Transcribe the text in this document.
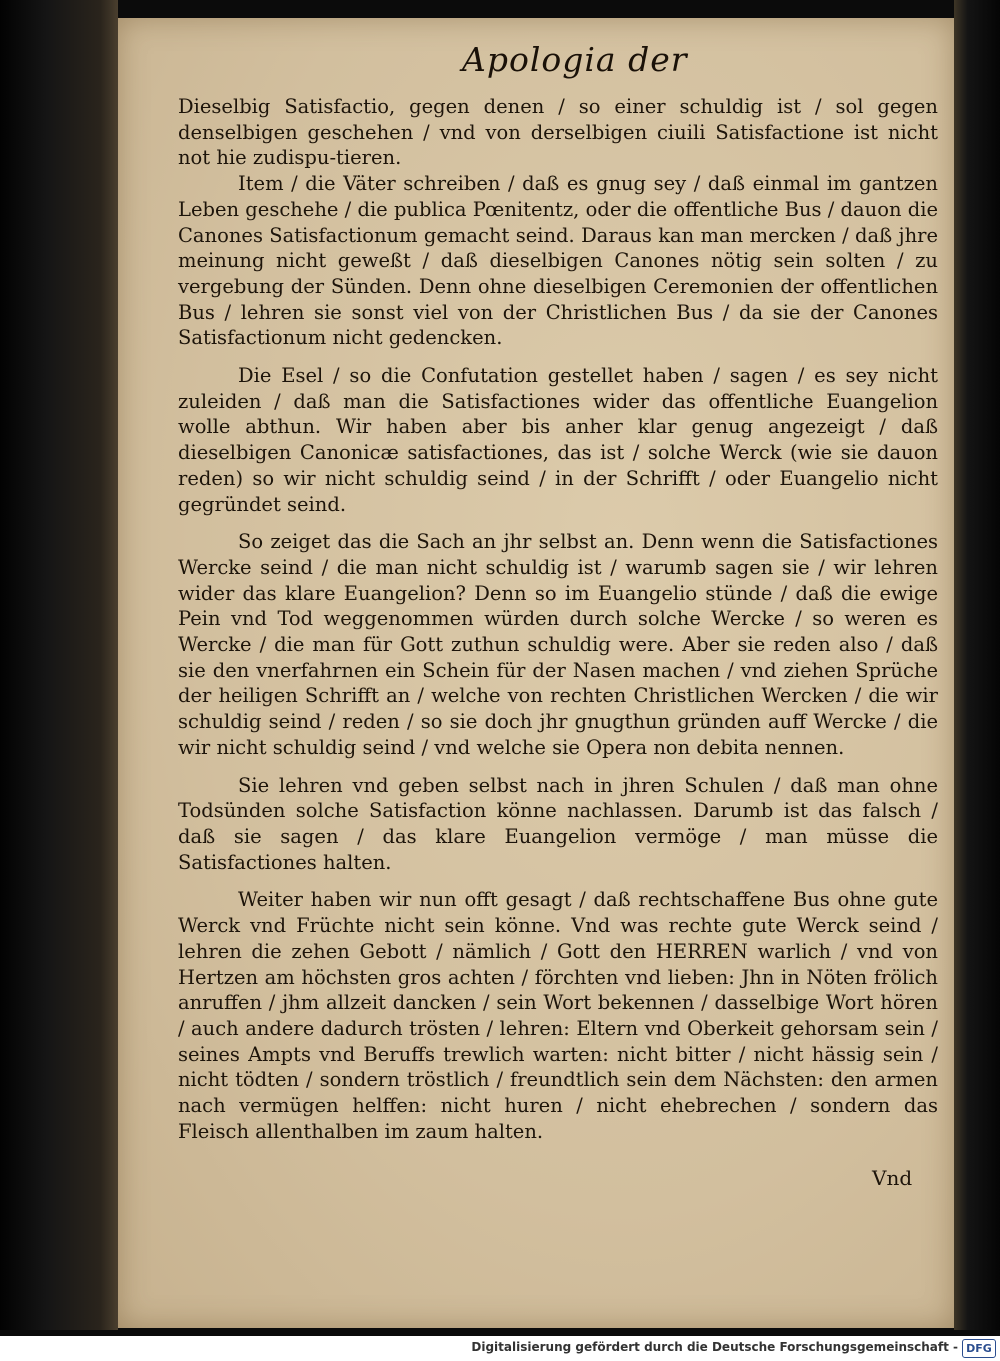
Apologia der

Dieselbig Satisfactio, gegen denen / so einer schuldig ist / sol gegen denselbigen geschehen / vnd von derselbigen ciuili Satisfactione ist nicht not hie zudispu-tieren.

Item / die Väter schreiben / daß es gnug sey / daß einmal im gantzen Leben geschehe / die publica Pœnitentz, oder die offentliche Bus / dauon die Canones Satisfactionum gemacht seind. Daraus kan man mercken / daß jhre meinung nicht geweßt / daß dieselbigen Canones nötig sein solten / zu vergebung der Sünden. Denn ohne dieselbigen Ceremonien der offentlichen Bus / lehren sie sonst viel von der Christlichen Bus / da sie der Canones Satisfactionum nicht gedencken.

Die Esel / so die Confutation gestellet haben / sagen / es sey nicht zuleiden / daß man die Satisfactiones wider das offentliche Euangelion wolle abthun. Wir haben aber bis anher klar genug angezeigt / daß dieselbigen Canonicæ satisfactiones, das ist / solche Werck (wie sie dauon reden) so wir nicht schuldig seind / in der Schrifft / oder Euangelio nicht gegründet seind.

So zeiget das die Sach an jhr selbst an. Denn wenn die Satisfactiones Wercke seind / die man nicht schuldig ist / warumb sagen sie / wir lehren wider das klare Euangelion? Denn so im Euangelio stünde / daß die ewige Pein vnd Tod weggenommen würden durch solche Wercke / so weren es Wercke / die man für Gott zuthun schuldig were. Aber sie reden also / daß sie den vnerfahrnen ein Schein für der Nasen machen / vnd ziehen Sprüche der heiligen Schrifft an / welche von rechten Christlichen Wercken / die wir schuldig seind / reden / so sie doch jhr gnugthun gründen auff Wercke / die wir nicht schuldig seind / vnd welche sie Opera non debita nennen.

Sie lehren vnd geben selbst nach in jhren Schulen / daß man ohne Todsünden solche Satisfaction könne nachlassen. Darumb ist das falsch / daß sie sagen / das klare Euangelion vermöge / man müsse die Satisfactiones halten.

Weiter haben wir nun offt gesagt / daß rechtschaffene Bus ohne gute Werck vnd Früchte nicht sein könne. Vnd was rechte gute Werck seind / lehren die zehen Gebott / nämlich / Gott den HERREN warlich / vnd von Hertzen am höchsten gros achten / förchten vnd lieben: Jhn in Nöten frölich anruffen / jhm allzeit dancken / sein Wort bekennen / dasselbige Wort hören / auch andere dadurch trösten / lehren: Eltern vnd Oberkeit gehorsam sein / seines Ampts vnd Beruffs trewlich warten: nicht bitter / nicht hässig sein / nicht tödten / sondern tröstlich / freundtlich sein dem Nächsten: den armen nach vermügen helffen: nicht huren / nicht ehebrechen / sondern das Fleisch allenthalben im zaum halten.

Vnd
Digitalisierung gefördert durch die Deutsche Forschungsgemeinschaft - DFG
